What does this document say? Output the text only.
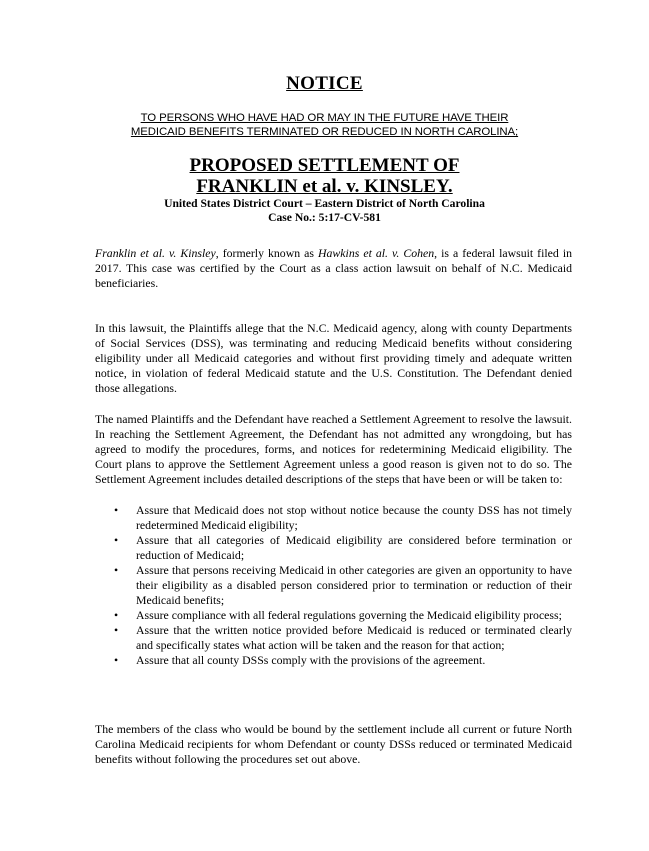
NOTICE
TO PERSONS WHO HAVE HAD OR MAY IN THE FUTURE HAVE THEIR
MEDICAID BENEFITS TERMINATED OR REDUCED IN NORTH CAROLINA;
PROPOSED SETTLEMENT OF
FRANKLIN et al. v. KINSLEY.
United States District Court – Eastern District of North Carolina
Case No.: 5:17-CV-581

Franklin et al. v. Kinsley, formerly known as Hawkins et al. v. Cohen, is a federal lawsuit filed in 2017. This case was certified by the Court as a class action lawsuit on behalf of N.C. Medicaid beneficiaries.

In this lawsuit, the Plaintiffs allege that the N.C. Medicaid agency, along with county Departments of Social Services (DSS), was terminating and reducing Medicaid benefits without considering eligibility under all Medicaid categories and without first providing timely and adequate written notice, in violation of federal Medicaid statute and the U.S. Constitution. The Defendant denied those allegations.

The named Plaintiffs and the Defendant have reached a Settlement Agreement to resolve the lawsuit. In reaching the Settlement Agreement, the Defendant has not admitted any wrongdoing, but has agreed to modify the procedures, forms, and notices for redetermining Medicaid eligibility. The Court plans to approve the Settlement Agreement unless a good reason is given not to do so. The Settlement Agreement includes detailed descriptions of the steps that have been or will be taken to:

• Assure that Medicaid does not stop without notice because the county DSS has not timely redetermined Medicaid eligibility;
• Assure that all categories of Medicaid eligibility are considered before termination or reduction of Medicaid;
• Assure that persons receiving Medicaid in other categories are given an opportunity to have their eligibility as a disabled person considered prior to termination or reduction of their Medicaid benefits;
• Assure compliance with all federal regulations governing the Medicaid eligibility process;
• Assure that the written notice provided before Medicaid is reduced or terminated clearly and specifically states what action will be taken and the reason for that action;
• Assure that all county DSSs comply with the provisions of the agreement.

The members of the class who would be bound by the settlement include all current or future North Carolina Medicaid recipients for whom Defendant or county DSSs reduced or terminated Medicaid benefits without following the procedures set out above.
